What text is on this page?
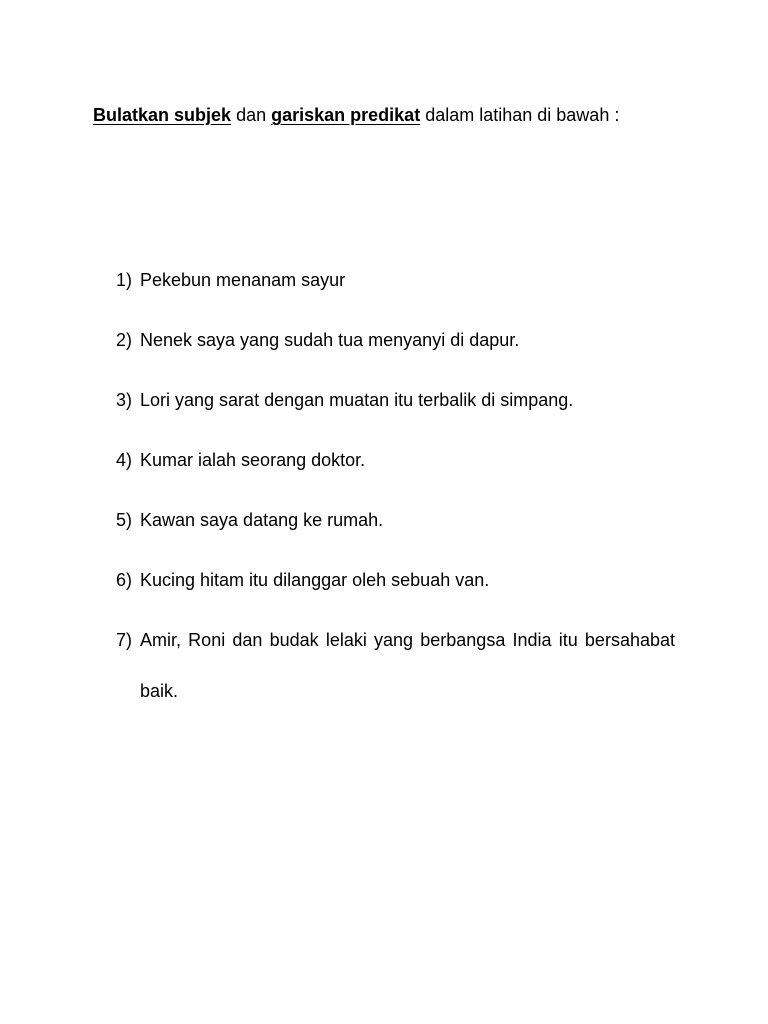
Bulatkan subjek dan gariskan predikat dalam latihan di bawah :

1) Pekebun menanam sayur
2) Nenek saya yang sudah tua menyanyi di dapur.
3) Lori yang sarat dengan muatan itu terbalik di simpang.
4) Kumar ialah seorang doktor.
5) Kawan saya datang ke rumah.
6) Kucing hitam itu dilanggar oleh sebuah van.
7) Amir, Roni dan budak lelaki yang berbangsa India itu bersahabat baik.
